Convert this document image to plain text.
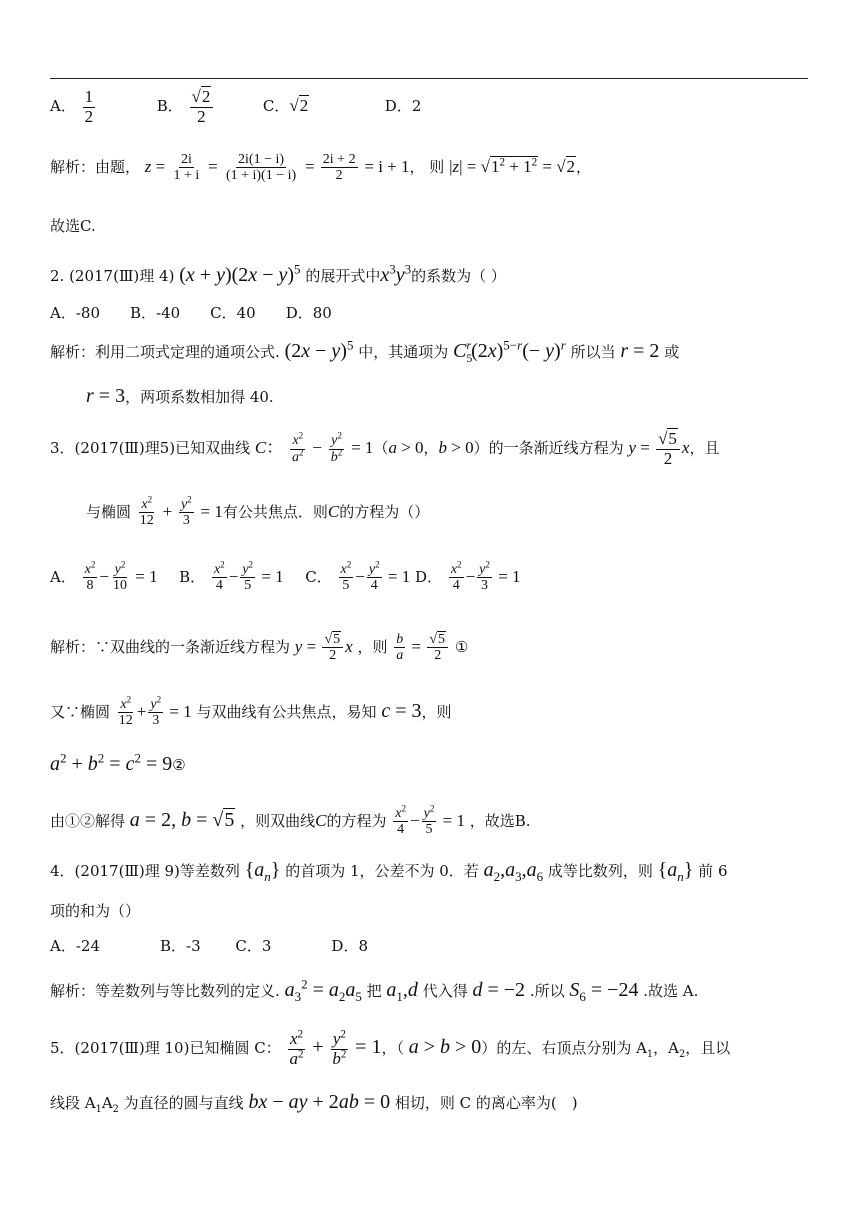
A． $\frac{1}{2}$	B． $\frac{√2}{2}$	C．√2	D．2
解析：由题， $z = \frac{2i}{1 + i} = \frac{2i(1 - i)}{(1 + i)(1 - i)} = \frac{2i + 2}{2} = i + 1$， 则 $|z| = √1^2 + 1^2 = √2$，
故选C.
2. (2017(Ⅲ)理 4) $(x + y)(2x - y)^5$ 的展开式中$x^3y^3$的系数为（ ）
A．-80　　B．-40　　C．40　　D．80
解析：利用二项式定理的通项公式. $(2x - y)^5$ 中，其通项为 $C_5^r(2x)^{5-r}(- y)^r$ 所以当 r = 2 或
r = 3，两项系数相加得 40.
3．(2017(Ⅲ)理5)已知双曲线 C： $\frac{x^2}{a^2} - \frac{y^2}{b^2} = 1(a > 0$，b > 0）的一条渐近线方程为 $y = \frac{√5}{2}$ x，且
与椭圆 $\frac{x^2}{12} + \frac{y^2}{3} = 1$有公共焦点．则C的方程为（）
A． $\frac{x^2}{8} - \frac{y^2}{10} = 1$ B． $\frac{x^2}{4} - \frac{y^2}{5} = 1$ C． $\frac{x^2}{5} - \frac{y^2}{4} = 1$ D． $\frac{x^2}{4} - \frac{y^2}{3} = 1$
解析：∵双曲线的一条渐近线方程为 $y = \frac{√5}{2}$ x ，则 $\frac{b}{a} = \frac{√5}{2}$ ①
又∵椭圆 $\frac{x^2}{12} + \frac{y^2}{3} = 1$ 与双曲线有公共焦点，易知 c = 3，则
$a^2 + b^2 = c^2$ = 9②
由①②解得 a = 2, b = √5 ，则双曲线C的方程为 $\frac{x^2}{4} - \frac{y^2}{5} = 1$ ，故选B.
4．(2017(Ⅲ)理 9)等差数列 $\{a_n\}$ 的首项为 1，公差不为 0．若 $a_2,a_3,a_6$ 成等比数列，则 $\{a_n\}$ 前 6
项的和为（）
A．-24　　　　B．-3　　 C．3　　　　D．8
解析：等差数列与等比数列的定义. $a_3^2 = a_2a_5$ 把 $a_1,d$ 代入得 d = −2 .所以 $S_6 = -24$ .故选 A.
5．(2017(Ⅲ)理 10)已知椭圆 C： $\frac{x^2}{a^2} + \frac{y^2}{b^2} = 1$，（ a > b > 0）的左、右顶点分别为 $A_1$，$A_2$，且以
线段 $A_1A_2$ 为直径的圆与直线 bx − ay + 2ab = 0 相切，则 C 的离心率为(　)
